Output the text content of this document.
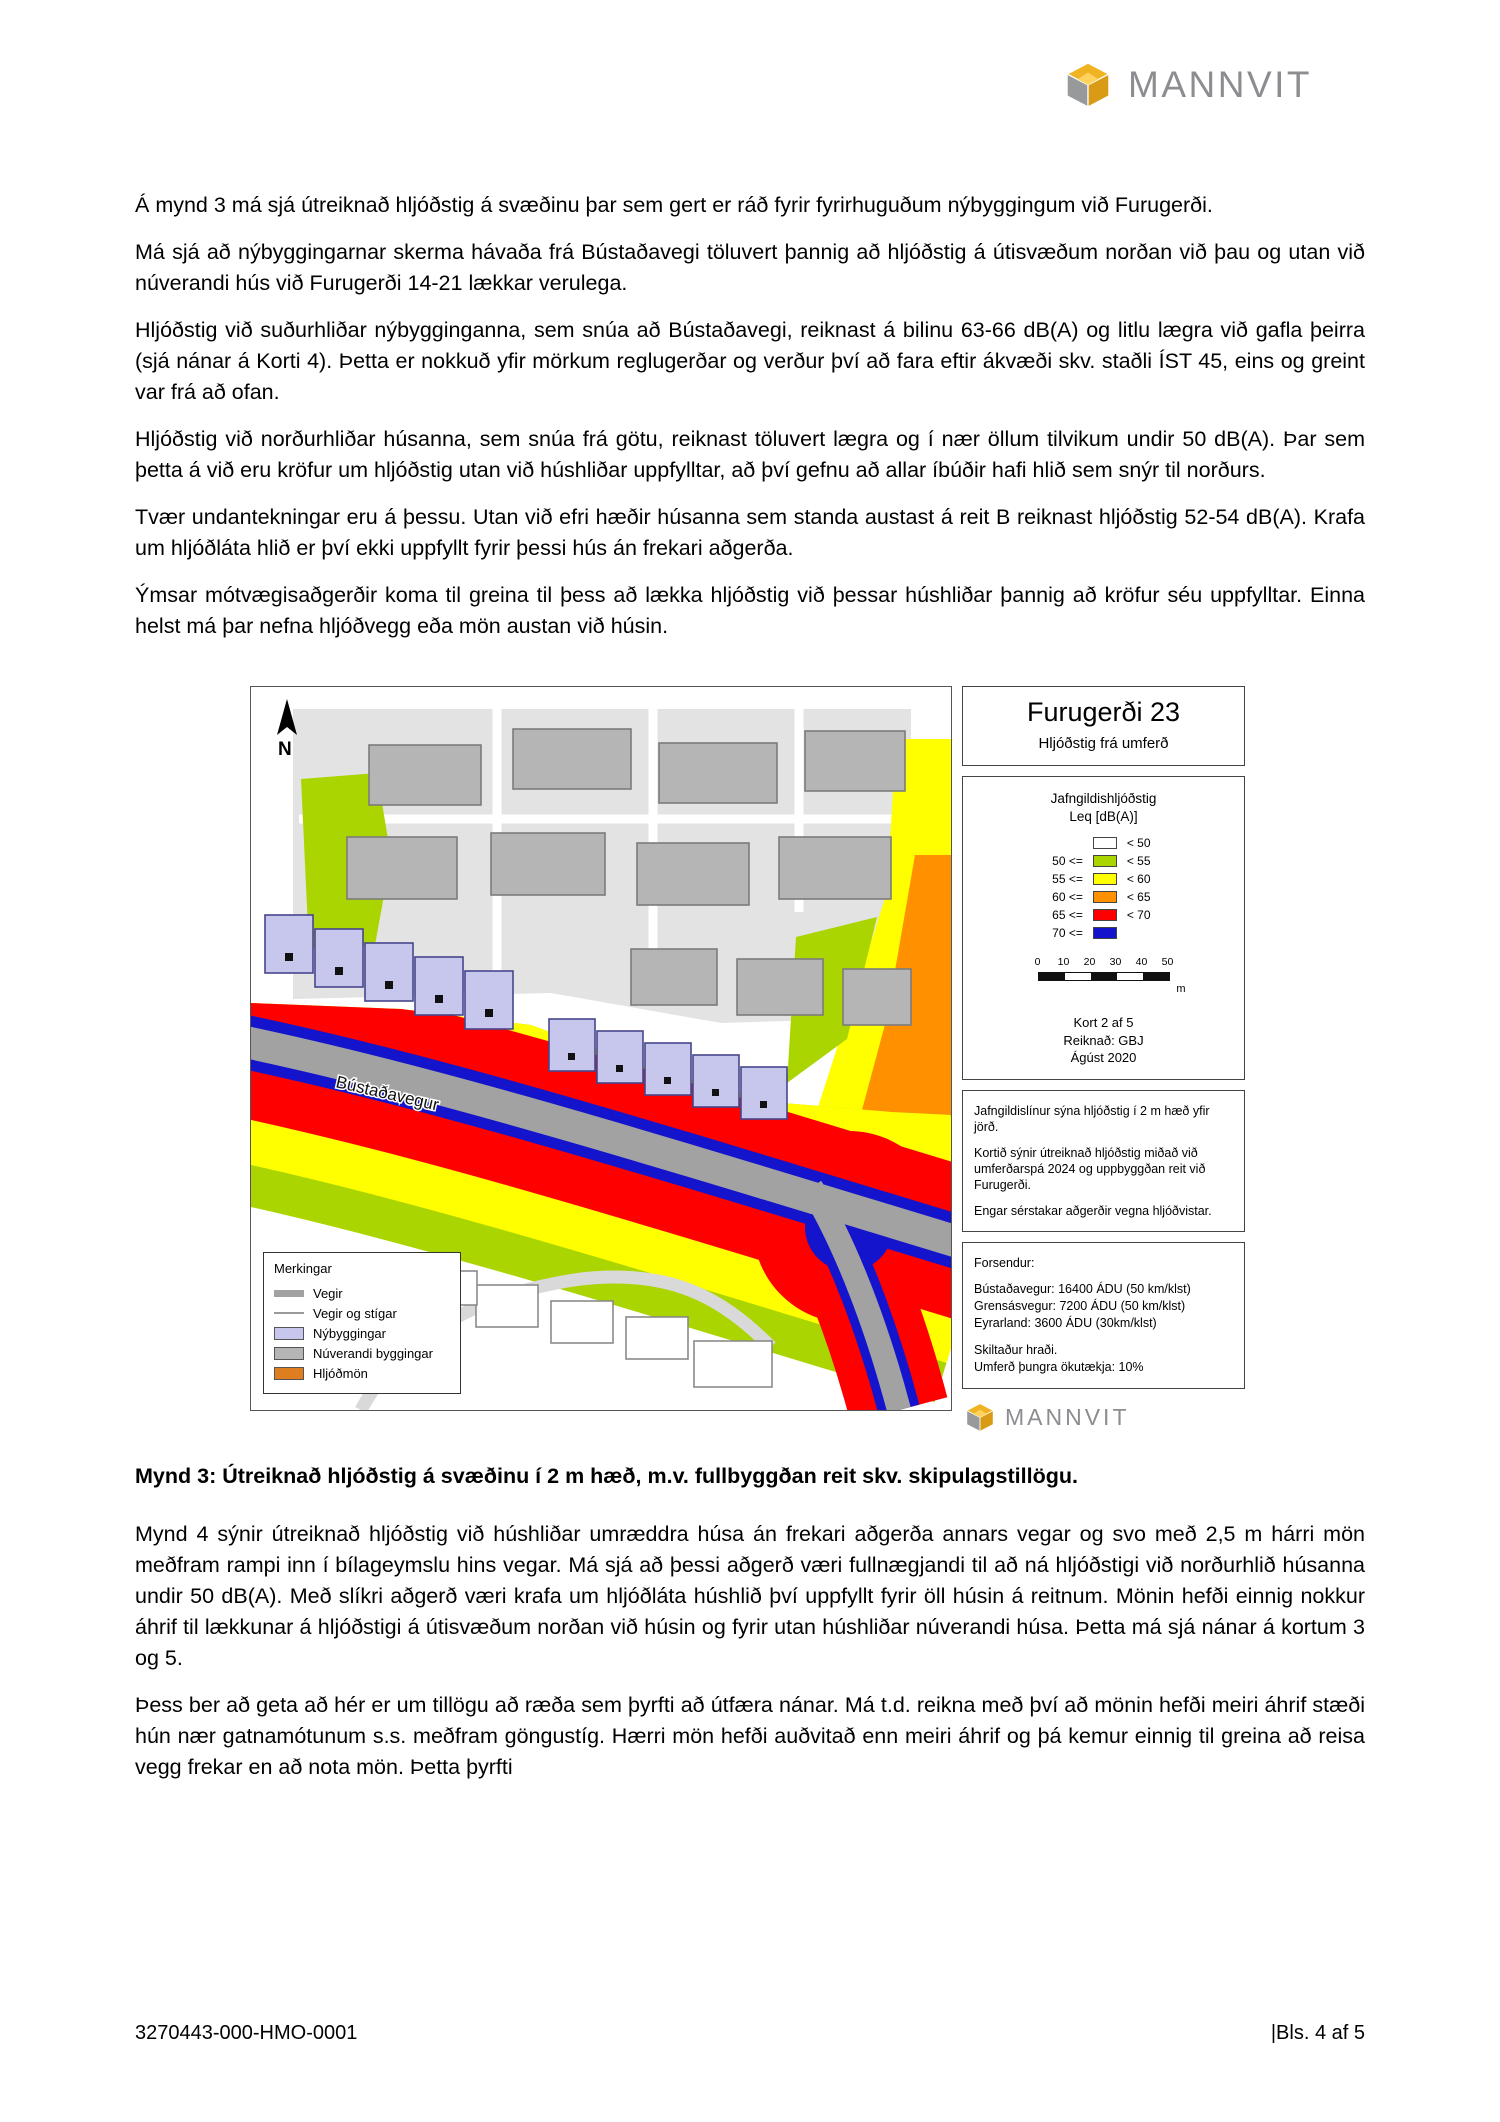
MANNVIT

Á mynd 3 má sjá útreiknað hljóðstig á svæðinu þar sem gert er ráð fyrir fyrirhuguðum nýbyggingum við Furugerði.

Má sjá að nýbyggingarnar skerma hávaða frá Bústaðavegi töluvert þannig að hljóðstig á útisvæðum norðan við þau og utan við núverandi hús við Furugerði 14-21 lækkar verulega.

Hljóðstig við suðurhliðar nýbygginganna, sem snúa að Bústaðavegi, reiknast á bilinu 63-66 dB(A) og litlu lægra við gafla þeirra (sjá nánar á Korti 4). Þetta er nokkuð yfir mörkum reglugerðar og verður því að fara eftir ákvæði skv. staðli ÍST 45, eins og greint var frá að ofan.

Hljóðstig við norðurhliðar húsanna, sem snúa frá götu, reiknast töluvert lægra og í nær öllum tilvikum undir 50 dB(A). Þar sem þetta á við eru kröfur um hljóðstig utan við húshliðar uppfylltar, að því gefnu að allar íbúðir hafi hlið sem snýr til norðurs.

Tvær undantekningar eru á þessu. Utan við efri hæðir húsanna sem standa austast á reit B reiknast hljóðstig 52-54 dB(A). Krafa um hljóðláta hlið er því ekki uppfyllt fyrir þessi hús án frekari aðgerða.

Ýmsar mótvægisaðgerðir koma til greina til þess að lækka hljóðstig við þessar húshliðar þannig að kröfur séu uppfylltar. Einna helst má þar nefna hljóðvegg eða mön austan við húsin.

N
Bústaðavegur
Merkingar
Vegir
Vegir og stígar
Nýbyggingar
Núverandi byggingar
Hljóðmön
Furugerði 23
Hljóðstig frá umferð
Jafngildishljóðstig
Leq [dB(A)]

	< 50
50 <=		< 55
55 <=		< 60
60 <=		< 65
65 <=		< 70
70 <=	

0 10 20 30 40 50
m
Kort 2 af 5
Reiknað: GBJ
Ágúst 2020

Jafngildislínur sýna hljóðstig í 2 m hæð yfir jörð.

Kortið sýnir útreiknað hljóðstig miðað við umferðarspá 2024 og uppbyggðan reit við Furugerði.

Engar sérstakar aðgerðir vegna hljóðvistar.

Forsendur:

Bústaðavegur: 16400 ÁDU (50 km/klst)

Grensásvegur: 7200 ÁDU (50 km/klst)

Eyrarland: 3600 ÁDU (30km/klst)

Skiltaður hraði.

Umferð þungra ökutækja: 10%

MANNVIT

Mynd 3: Útreiknað hljóðstig á svæðinu í 2 m hæð, m.v. fullbyggðan reit skv. skipulagstillögu.

Mynd 4 sýnir útreiknað hljóðstig við húshliðar umræddra húsa án frekari aðgerða annars vegar og svo með 2,5 m hárri mön meðfram rampi inn í bílageymslu hins vegar. Má sjá að þessi aðgerð væri fullnægjandi til að ná hljóðstigi við norðurhlið húsanna undir 50 dB(A). Með slíkri aðgerð væri krafa um hljóðláta húshlið því uppfyllt fyrir öll húsin á reitnum. Mönin hefði einnig nokkur áhrif til lækkunar á hljóðstigi á útisvæðum norðan við húsin og fyrir utan húshliðar núverandi húsa. Þetta má sjá nánar á kortum 3 og 5.

Þess ber að geta að hér er um tillögu að ræða sem þyrfti að útfæra nánar. Má t.d. reikna með því að mönin hefði meiri áhrif stæði hún nær gatnamótunum s.s. meðfram göngustíg. Hærri mön hefði auðvitað enn meiri áhrif og þá kemur einnig til greina að reisa vegg frekar en að nota mön. Þetta þyrfti

3270443-000-HMO-0001	|Bls. 4 af 5
